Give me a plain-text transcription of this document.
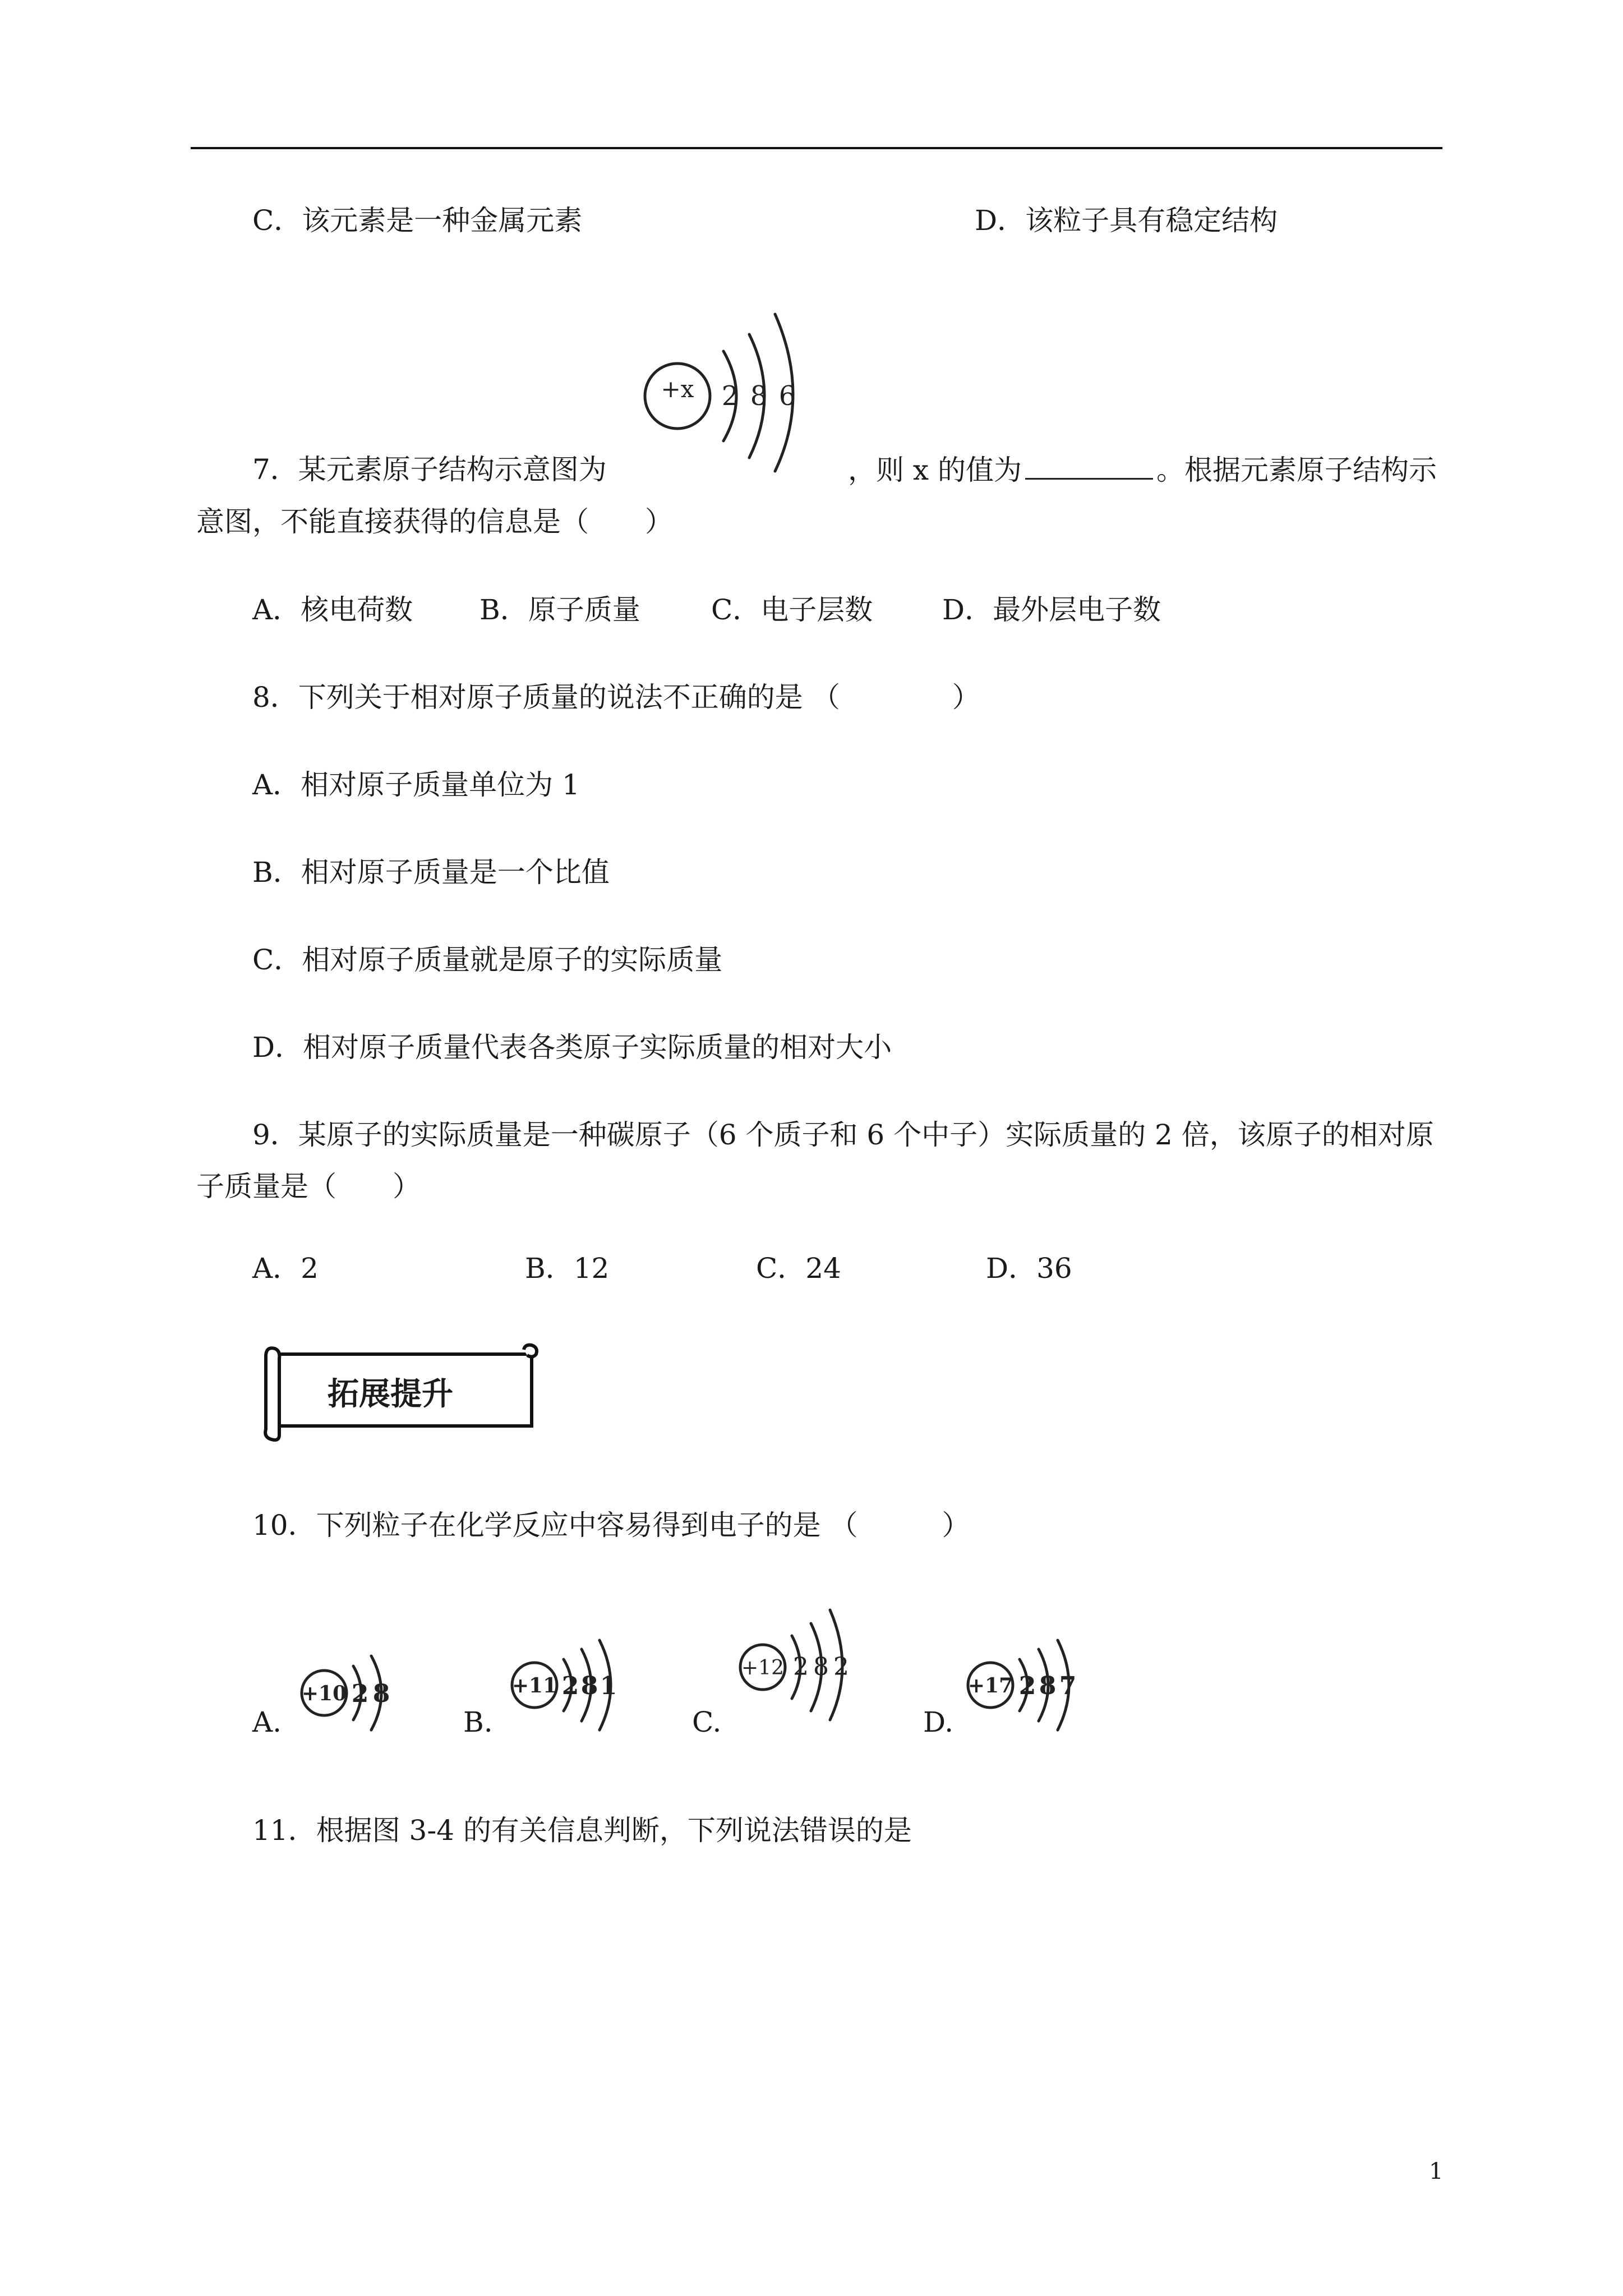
C．该元素是一种金属元素	D．该粒子具有稳定结构
+x 2 8 6
7．某元素原子结构示意图为	，则 x 的值为	。根据元素原子结构示
意图，不能直接获得的信息是（　　）
A．核电荷数 B．原子质量	C．电子层数 D．最外层电子数
8．下列关于相对原子质量的说法不正确的是 （　　　　）
A．相对原子质量单位为 1
B．相对原子质量是一个比值
C．相对原子质量就是原子的实际质量
D．相对原子质量代表各类原子实际质量的相对大小
9．某原子的实际质量是一种碳原子（6 个质子和 6 个中子）实际质量的 2 倍，该原子的相对原
子质量是（　　）
A．2	B．12	C．24	D．36
拓展提升
10．下列粒子在化学反应中容易得到电子的是 （　　　）
A.
+10 2 8
B.
+11 2 8 1
C.
+12 2 8 2
D.
+17 2 8 7
11．根据图 3-4 的有关信息判断，下列说法错误的是
1
